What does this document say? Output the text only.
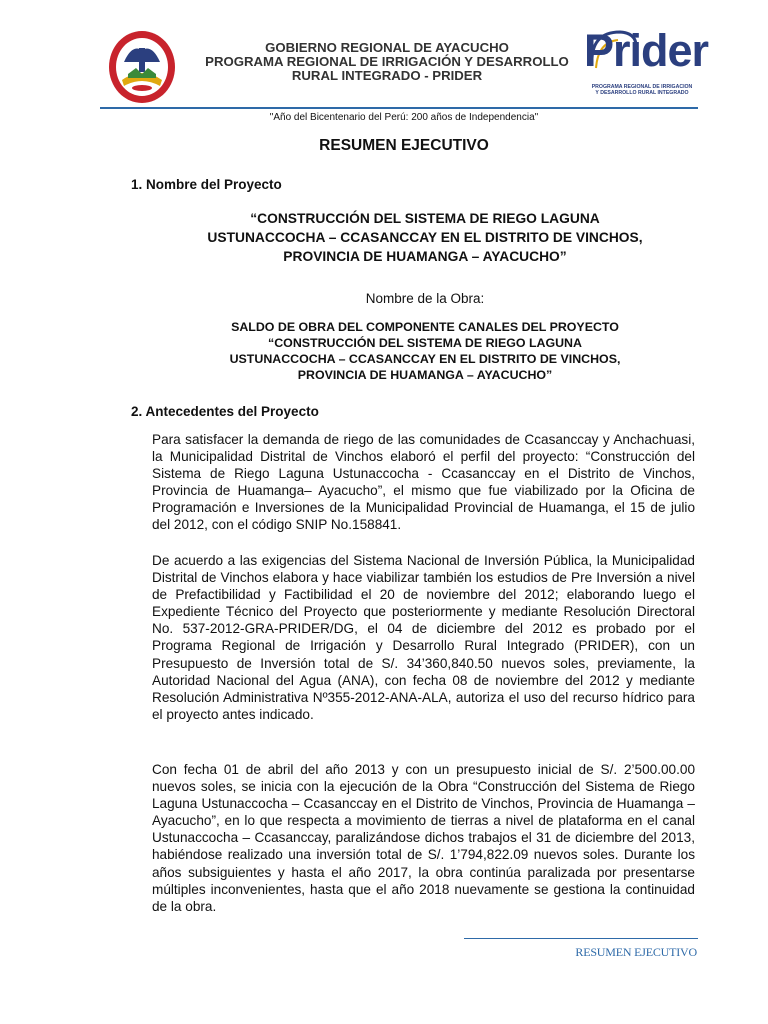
GOBIERNO REGIONAL DE AYACUCHO
PROGRAMA REGIONAL DE IRRIGACIÓN Y DESARROLLO
RURAL INTEGRADO - PRIDER	Prider
PROGRAMA REGIONAL DE IRRIGACION
Y DESARROLLO RURAL INTEGRADO
"Año del Bicentenario del Perú: 200 años de Independencia"
RESUMEN EJECUTIVO
1. Nombre del Proyecto
“CONSTRUCCIÓN DEL SISTEMA DE RIEGO LAGUNA
USTUNACCOCHA – CCASANCCAY EN EL DISTRITO DE VINCHOS,
PROVINCIA DE HUAMANGA – AYACUCHO”
Nombre de la Obra:
SALDO DE OBRA DEL COMPONENTE CANALES DEL PROYECTO
“CONSTRUCCIÓN DEL SISTEMA DE RIEGO LAGUNA
USTUNACCOCHA – CCASANCCAY EN EL DISTRITO DE VINCHOS,
PROVINCIA DE HUAMANGA – AYACUCHO”
2. Antecedentes del Proyecto

Para satisfacer la demanda de riego de las comunidades de Ccasanccay y Anchachuasi, la Municipalidad Distrital de Vinchos elaboró el perfil del proyecto: “Construcción del Sistema de Riego Laguna Ustunaccocha - Ccasanccay en el Distrito de Vinchos, Provincia de Huamanga– Ayacucho”, el mismo que fue viabilizado por la Oficina de Programación e Inversiones de la Municipalidad Provincial de Huamanga, el 15 de julio del 2012, con el código SNIP No.158841.

De acuerdo a las exigencias del Sistema Nacional de Inversión Pública, la Municipalidad Distrital de Vinchos elabora y hace viabilizar también los estudios de Pre Inversión a nivel de Prefactibilidad y Factibilidad el 20 de noviembre del 2012; elaborando luego el Expediente Técnico del Proyecto que posteriormente y mediante Resolución Directoral No. 537-2012-GRA-PRIDER/DG, el 04 de diciembre del 2012 es probado por el Programa Regional de Irrigación y Desarrollo Rural Integrado (PRIDER), con un Presupuesto de Inversión total de S/. 34’360,840.50 nuevos soles, previamente, la Autoridad Nacional del Agua (ANA), con fecha 08 de noviembre del 2012 y mediante Resolución Administrativa Nº355-2012-ANA-ALA, autoriza el uso del recurso hídrico para el proyecto antes indicado.

Con fecha 01 de abril del año 2013 y con un presupuesto inicial de S/. 2’500.00.00 nuevos soles, se inicia con la ejecución de la Obra “Construcción del Sistema de Riego Laguna Ustunaccocha – Ccasanccay en el Distrito de Vinchos, Provincia de Huamanga – Ayacucho”, en lo que respecta a movimiento de tierras a nivel de plataforma en el canal Ustunaccocha – Ccasanccay, paralizándose dichos trabajos el 31 de diciembre del 2013, habiéndose realizado una inversión total de S/. 1’794,822.09 nuevos soles. Durante los años subsiguientes y hasta el año 2017, la obra continúa paralizada por presentarse múltiples inconvenientes, hasta que el año 2018 nuevamente se gestiona la continuidad de la obra.

RESUMEN EJECUTIVO
